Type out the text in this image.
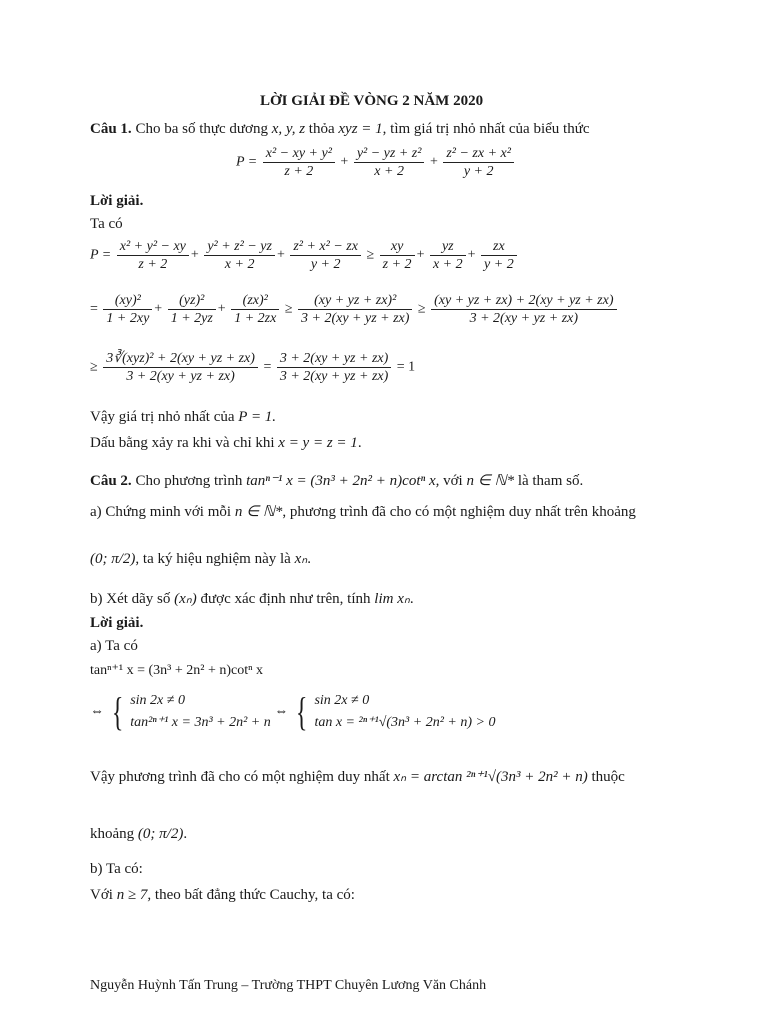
LỜI GIẢI ĐỀ VÒNG 2 NĂM 2020
Câu 1. Cho ba số thực dương x, y, z thỏa xyz = 1, tìm giá trị nhỏ nhất của biểu thức
$P = \frac{\text{x² − xy + y²}}{z + 2} + \frac{\text{y² − yz + z²}}{x + 2} + \frac{\text{z² − zx + x²}}{y + 2}$
Lời giải.
Ta có
$P = \frac{\text{x² + y² − xy}}{z + 2} + \frac{\text{y² + z² − yz}}{x + 2} + \frac{\text{z² + x² − zx}}{y + 2} \ge \frac{xy}{z + 2} + \frac{yz}{x + 2} + \frac{zx}{y + 2}$
= $\frac{\text{(xy)²}}{1 + 2xy} + \frac{\text{(yz)²}}{1 + 2yz} + \frac{\text{(zx)²}}{1 + 2zx} \ge \frac{\text{(xy + yz + zx)²}}{3 + 2(xy + yz + zx)} \ge \frac{(xy + yz + zx) + 2(xy + yz + zx)}{3 + 2(xy + yz + zx)}$
≥ $\frac{\text{3∛(xyz)² + 2(xy + yz + zx)}}{3 + 2(xy + yz + zx)} = \frac{3 + 2(xy + yz + zx)}{3 + 2(xy + yz + zx)} = 1$
Vậy giá trị nhỏ nhất của P = 1.
Dấu bằng xảy ra khi và chỉ khi x = y = z = 1.
Câu 2. Cho phương trình tanⁿ⁻¹ x = (3n³ + 2n² + n)cotⁿ x, với n ∈ ℕ* là tham số.
a) Chứng minh với mỗi n ∈ ℕ*, phương trình đã cho có một nghiệm duy nhất trên khoảng
(0; π/2), ta ký hiệu nghiệm này là xₙ.
b) Xét dãy số (xₙ) được xác định như trên, tính lim xₙ.
Lời giải.
a) Ta có
tanⁿ⁺¹ x = (3n³ + 2n² + n)cotⁿ x
⇔ { sin 2x ≠ 0
tan²ⁿ⁺¹ x = 3n³ + 2n² + n
⇔ { sin 2x ≠ 0
tan x = ²ⁿ⁺¹√(3n³ + 2n² + n) > 0
Vậy phương trình đã cho có một nghiệm duy nhất xₙ = arctan ²ⁿ⁺¹√(3n³ + 2n² + n) thuộc
khoảng (0; π/2).
b) Ta có:
Với n ≥ 7, theo bất đẳng thức Cauchy, ta có:
Nguyễn Huỳnh Tấn Trung – Trường THPT Chuyên Lương Văn Chánh
